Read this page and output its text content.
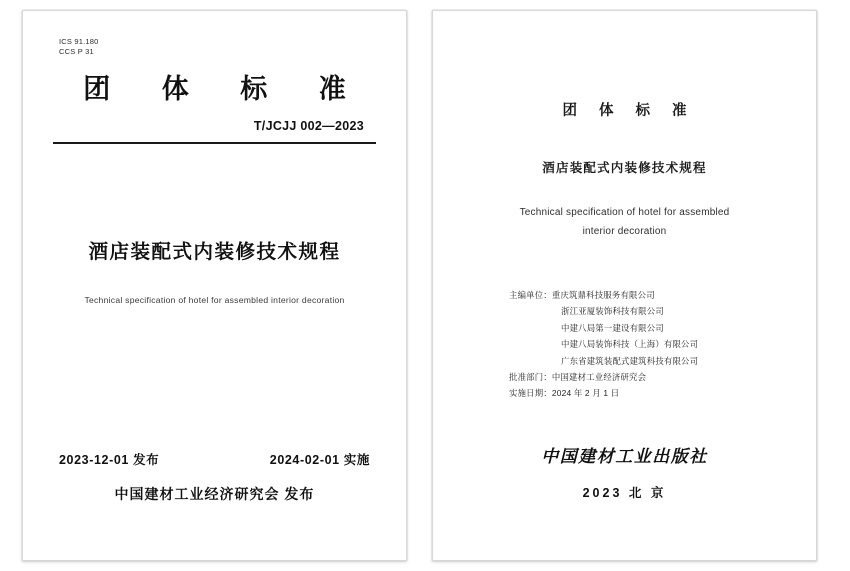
ICS 91.180
CCS P 31
团 体 标 准
T/JCJJ 002—2023
酒店装配式内装修技术规程
Technical specification of hotel for assembled interior decoration
2023-12-01 发布	2024-02-01 实施
中国建材工业经济研究会 发布
团 体 标 准
酒店装配式内装修技术规程
Technical specification of hotel for assembled
interior decoration
主编单位：重庆筑鼎科技服务有限公司
浙江亚厦装饰科技有限公司
中建八局第一建设有限公司
中建八局装饰科技（上海）有限公司
广东省建筑装配式建筑科技有限公司
批准部门：中国建材工业经济研究会
实施日期：2024 年 2 月 1 日
中国建材工业出版社
2023 北 京
